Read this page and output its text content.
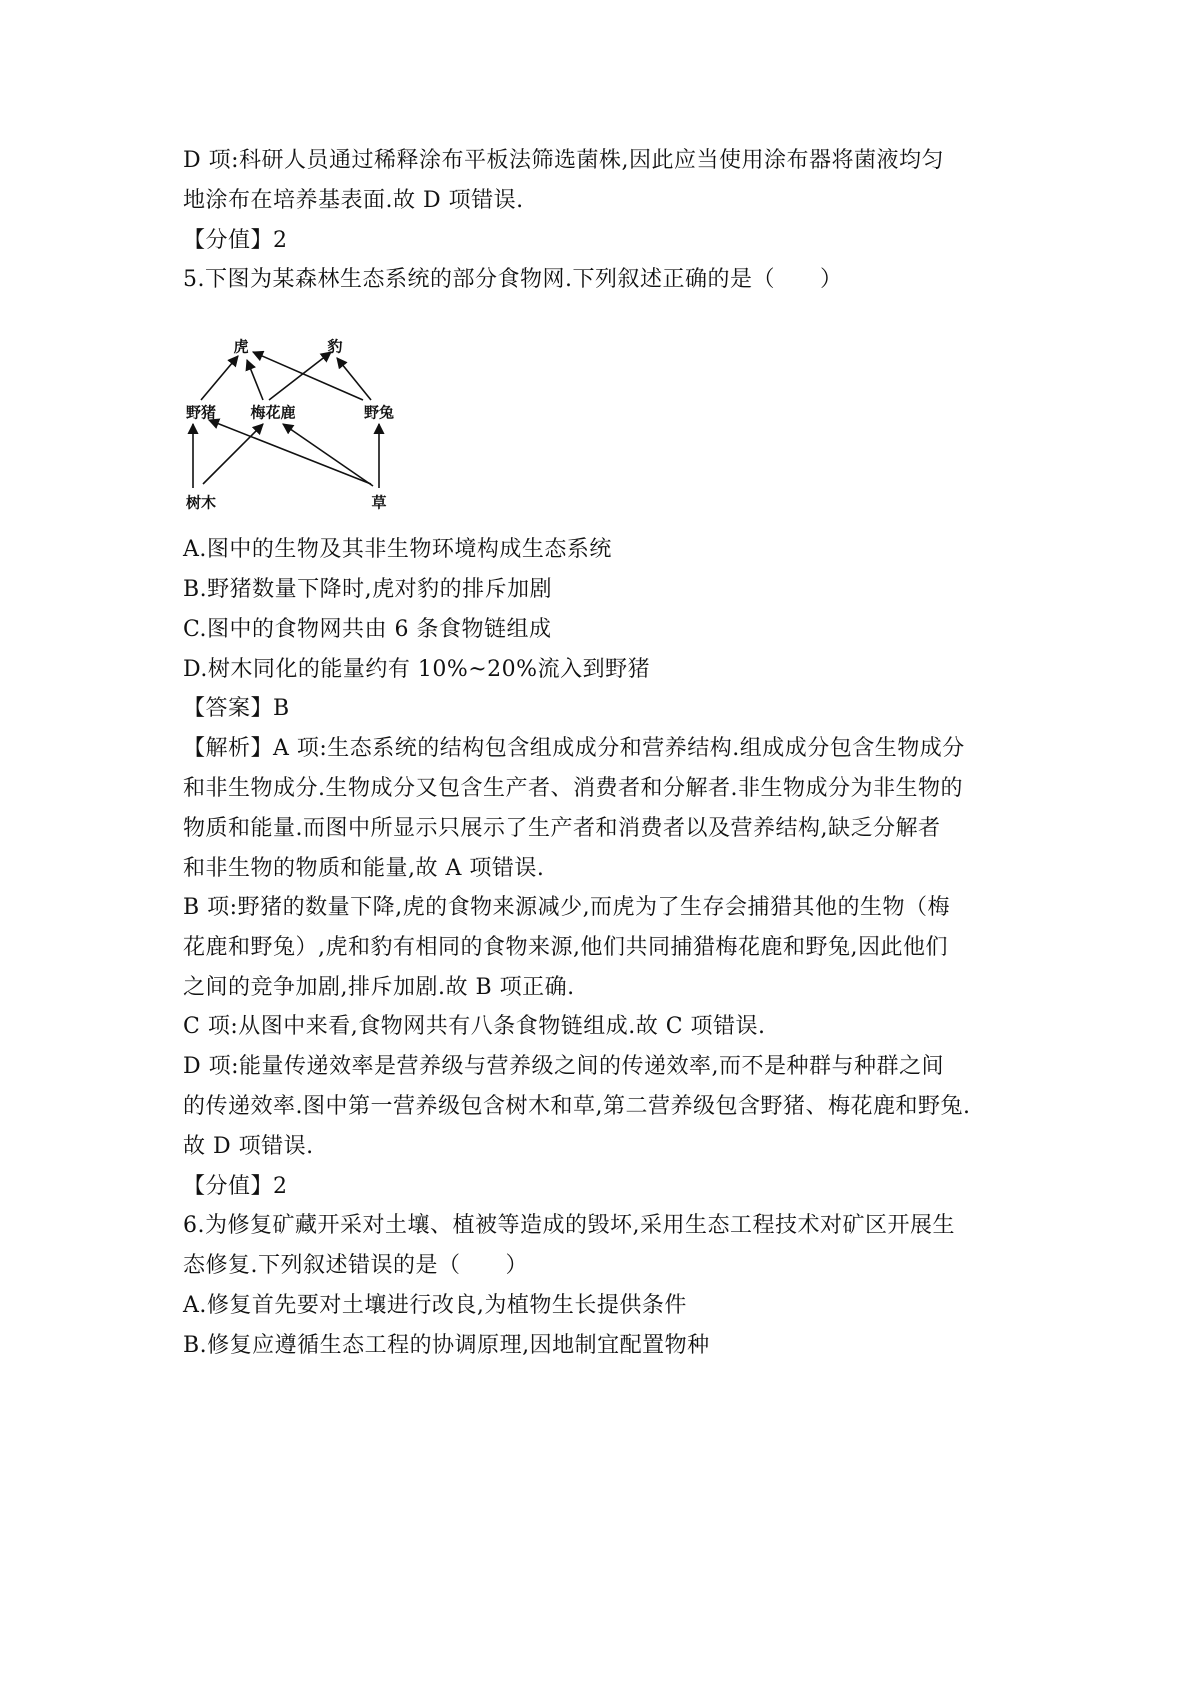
D 项:科研人员通过稀释涂布平板法筛选菌株,因此应当使用涂布器将菌液均匀
地涂布在培养基表面.故 D 项错误.
【分值】2
5.下图为某森林生态系统的部分食物网.下列叙述正确的是（　　）
虎	豹
野猪 梅花鹿	野兔
树木	草
A.图中的生物及其非生物环境构成生态系统
B.野猪数量下降时,虎对豹的排斥加剧
C.图中的食物网共由 6 条食物链组成
D.树木同化的能量约有 10%~20%流入到野猪
【答案】B
【解析】A 项:生态系统的结构包含组成成分和营养结构.组成成分包含生物成分
和非生物成分.生物成分又包含生产者、消费者和分解者.非生物成分为非生物的
物质和能量.而图中所显示只展示了生产者和消费者以及营养结构,缺乏分解者
和非生物的物质和能量,故 A 项错误.
B 项:野猪的数量下降,虎的食物来源减少,而虎为了生存会捕猎其他的生物（梅
花鹿和野兔）,虎和豹有相同的食物来源,他们共同捕猎梅花鹿和野兔,因此他们
之间的竞争加剧,排斥加剧.故 B 项正确.
C 项:从图中来看,食物网共有八条食物链组成.故 C 项错误.
D 项:能量传递效率是营养级与营养级之间的传递效率,而不是种群与种群之间
的传递效率.图中第一营养级包含树木和草,第二营养级包含野猪、梅花鹿和野兔.
故 D 项错误.
【分值】2
6.为修复矿藏开采对土壤、植被等造成的毁坏,采用生态工程技术对矿区开展生
态修复.下列叙述错误的是（　　）
A.修复首先要对土壤进行改良,为植物生长提供条件
B.修复应遵循生态工程的协调原理,因地制宜配置物种
